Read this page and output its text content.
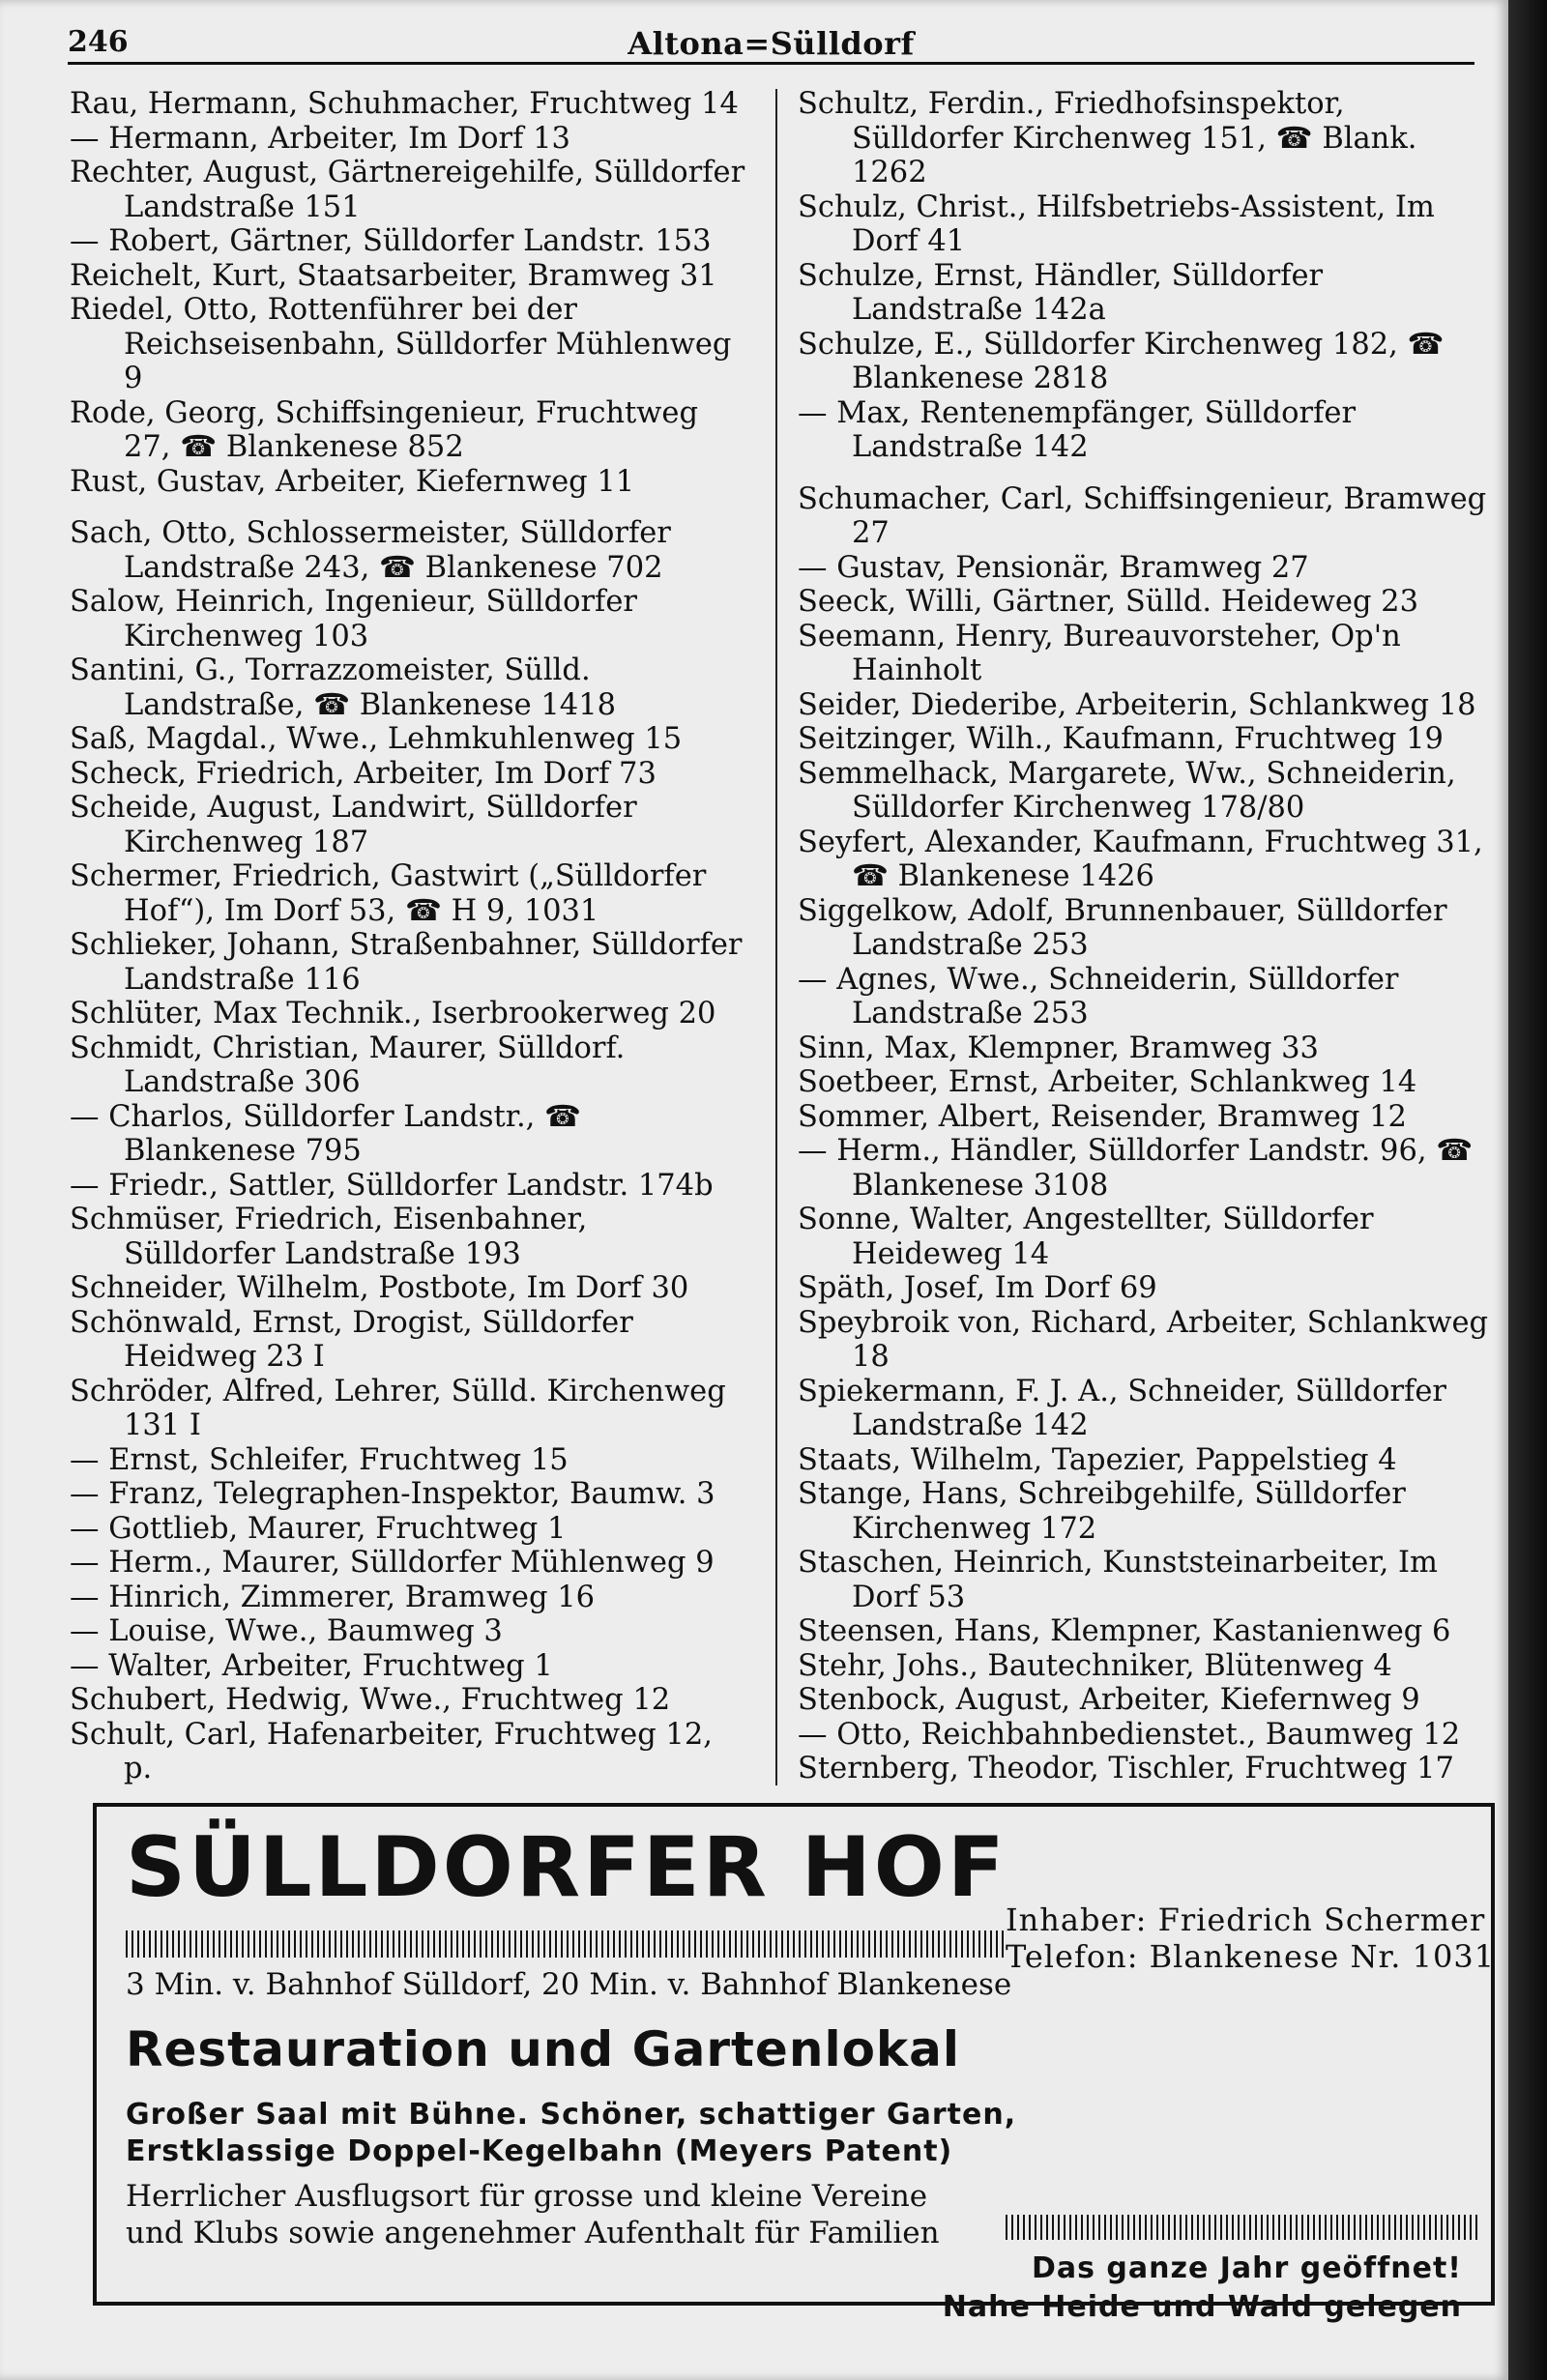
246	Altona=Sülldorf

Rau, Hermann, Schuhmacher, Fruchtweg 14

— Hermann, Arbeiter, Im Dorf 13

Rechter, August, Gärtnereigehilfe, Sülldorfer Landstraße 151

— Robert, Gärtner, Sülldorfer Landstr. 153

Reichelt, Kurt, Staatsarbeiter, Bramweg 31

Riedel, Otto, Rottenführer bei der Reichseisenbahn, Sülldorfer Mühlenweg 9

Rode, Georg, Schiffsingenieur, Fruchtweg 27, ☎ Blankenese 852

Rust, Gustav, Arbeiter, Kiefernweg 11

Sach, Otto, Schlossermeister, Sülldorfer Landstraße 243, ☎ Blankenese 702

Salow, Heinrich, Ingenieur, Sülldorfer Kirchenweg 103

Santini, G., Torrazzomeister, Sülld. Landstraße, ☎ Blankenese 1418

Saß, Magdal., Wwe., Lehmkuhlenweg 15

Scheck, Friedrich, Arbeiter, Im Dorf 73

Scheide, August, Landwirt, Sülldorfer Kirchenweg 187

Schermer, Friedrich, Gastwirt („Sülldorfer Hof“), Im Dorf 53, ☎ H 9, 1031

Schlieker, Johann, Straßenbahner, Sülldorfer Landstraße 116

Schlüter, Max Technik., Iserbrookerweg 20

Schmidt, Christian, Maurer, Sülldorf. Landstraße 306

— Charlos, Sülldorfer Landstr., ☎ Blankenese 795

— Friedr., Sattler, Sülldorfer Landstr. 174b

Schmüser, Friedrich, Eisenbahner, Sülldorfer Landstraße 193

Schneider, Wilhelm, Postbote, Im Dorf 30

Schönwald, Ernst, Drogist, Sülldorfer Heidweg 23 I

Schröder, Alfred, Lehrer, Sülld. Kirchenweg 131 I

— Ernst, Schleifer, Fruchtweg 15

— Franz, Telegraphen-Inspektor, Baumw. 3

— Gottlieb, Maurer, Fruchtweg 1

— Herm., Maurer, Sülldorfer Mühlenweg 9

— Hinrich, Zimmerer, Bramweg 16

— Louise, Wwe., Baumweg 3

— Walter, Arbeiter, Fruchtweg 1

Schubert, Hedwig, Wwe., Fruchtweg 12

Schult, Carl, Hafenarbeiter, Fruchtweg 12, p.

Schultz, Ferdin., Friedhofsinspektor, Sülldorfer Kirchenweg 151, ☎ Blank. 1262

Schulz, Christ., Hilfsbetriebs-Assistent, Im Dorf 41

Schulze, Ernst, Händler, Sülldorfer Landstraße 142a

Schulze, E., Sülldorfer Kirchenweg 182, ☎ Blankenese 2818

— Max, Rentenempfänger, Sülldorfer Landstraße 142

Schumacher, Carl, Schiffsingenieur, Bramweg 27

— Gustav, Pensionär, Bramweg 27

Seeck, Willi, Gärtner, Sülld. Heideweg 23

Seemann, Henry, Bureauvorsteher, Op'n Hainholt

Seider, Diederibe, Arbeiterin, Schlankweg 18

Seitzinger, Wilh., Kaufmann, Fruchtweg 19

Semmelhack, Margarete, Ww., Schneiderin, Sülldorfer Kirchenweg 178/80

Seyfert, Alexander, Kaufmann, Fruchtweg 31, ☎ Blankenese 1426

Siggelkow, Adolf, Brunnenbauer, Sülldorfer Landstraße 253

— Agnes, Wwe., Schneiderin, Sülldorfer Landstraße 253

Sinn, Max, Klempner, Bramweg 33

Soetbeer, Ernst, Arbeiter, Schlankweg 14

Sommer, Albert, Reisender, Bramweg 12

— Herm., Händler, Sülldorfer Landstr. 96, ☎ Blankenese 3108

Sonne, Walter, Angestellter, Sülldorfer Heideweg 14

Späth, Josef, Im Dorf 69

Speybroik von, Richard, Arbeiter, Schlankweg 18

Spiekermann, F. J. A., Schneider, Sülldorfer Landstraße 142

Staats, Wilhelm, Tapezier, Pappelstieg 4

Stange, Hans, Schreibgehilfe, Sülldorfer Kirchenweg 172

Staschen, Heinrich, Kunststeinarbeiter, Im Dorf 53

Steensen, Hans, Klempner, Kastanienweg 6

Stehr, Johs., Bautechniker, Blütenweg 4

Stenbock, August, Arbeiter, Kiefernweg 9

— Otto, Reichbahnbedienstet., Baumweg 12

Sternberg, Theodor, Tischler, Fruchtweg 17

SÜLLDORFER HOF
Inhaber: Friedrich Schermer
Telefon: Blankenese Nr. 1031
3 Min. v. Bahnhof Sülldorf, 20 Min. v. Bahnhof Blankenese
Restauration und Gartenlokal
Großer Saal mit Bühne. Schöner, schattiger Garten,
Erstklassige Doppel-Kegelbahn (Meyers Patent)
Herrlicher Ausflugsort für grosse und kleine Vereine
und Klubs sowie angenehmer Aufenthalt für Familien
Das ganze Jahr geöffnet!
Nahe Heide und Wald gelegen
